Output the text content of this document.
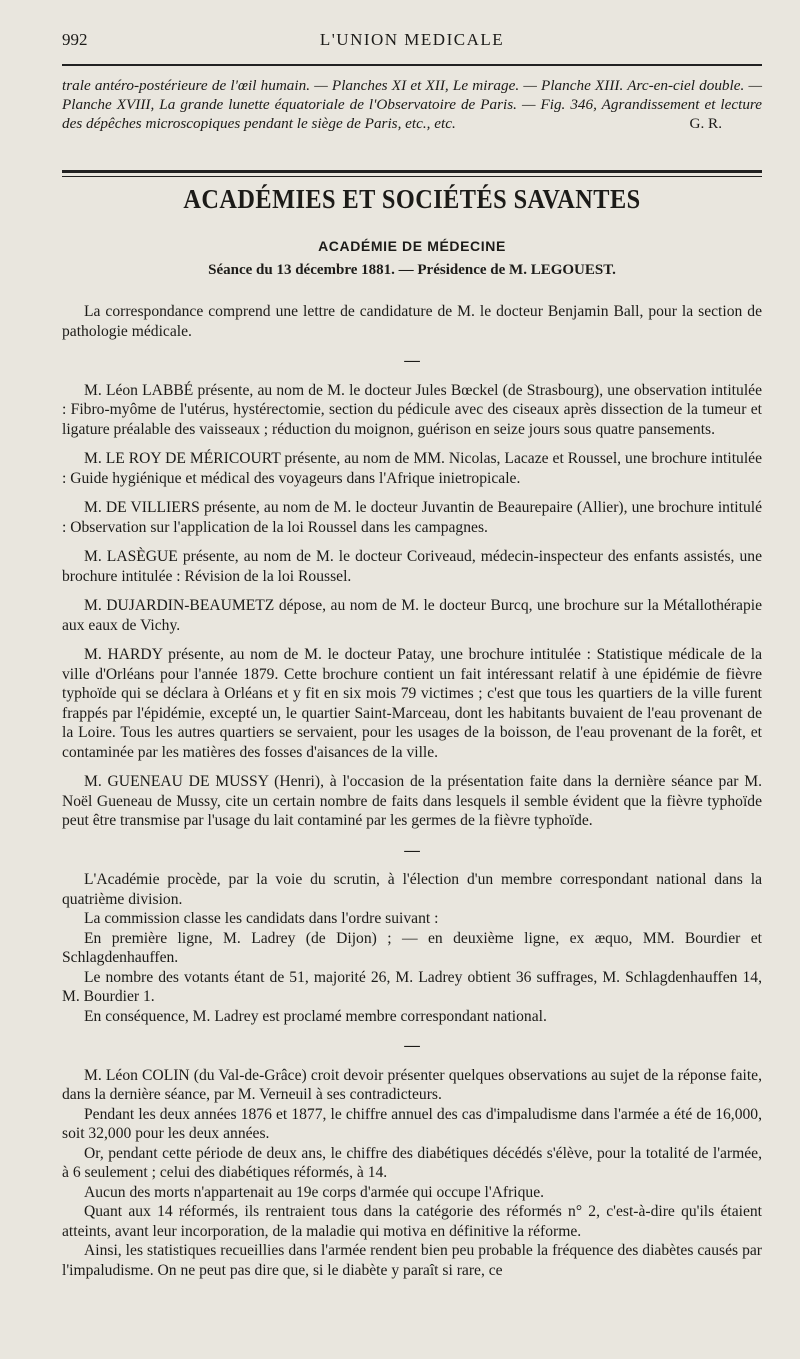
992	L'UNION MEDICALE
trale antéro-postérieure de l'œil humain. — Planches XI et XII, Le mirage. — Planche XIII. Arc-en-ciel double. — Planche XVIII, La grande lunette équatoriale de l'Observatoire de Paris. — Fig. 346, Agrandissement et lecture des dépêches microscopiques pendant le siège de Paris, etc., etc.	G. R.
ACADÉMIES ET SOCIÉTÉS SAVANTES
ACADÉMIE DE MÉDECINE
Séance du 13 décembre 1881. — Présidence de M. LEGOUEST.

La correspondance comprend une lettre de candidature de M. le docteur Benjamin Ball, pour la section de pathologie médicale.

—

M. Léon LABBÉ présente, au nom de M. le docteur Jules Bœckel (de Strasbourg), une observation intitulée : Fibro-myôme de l'utérus, hystérectomie, section du pédicule avec des ciseaux après dissection de la tumeur et ligature préalable des vaisseaux ; réduction du moignon, guérison en seize jours sous quatre pansements.

M. LE ROY DE MÉRICOURT présente, au nom de MM. Nicolas, Lacaze et Roussel, une brochure intitulée : Guide hygiénique et médical des voyageurs dans l'Afrique inietropicale.

M. DE VILLIERS présente, au nom de M. le docteur Juvantin de Beaurepaire (Allier), une brochure intitulé : Observation sur l'application de la loi Roussel dans les campagnes.

M. LASÈGUE présente, au nom de M. le docteur Coriveaud, médecin-inspecteur des enfants assistés, une brochure intitulée : Révision de la loi Roussel.

M. DUJARDIN-BEAUMETZ dépose, au nom de M. le docteur Burcq, une brochure sur la Métallothérapie aux eaux de Vichy.

M. HARDY présente, au nom de M. le docteur Patay, une brochure intitulée : Statistique médicale de la ville d'Orléans pour l'année 1879. Cette brochure contient un fait intéressant relatif à une épidémie de fièvre typhoïde qui se déclara à Orléans et y fit en six mois 79 victimes ; c'est que tous les quartiers de la ville furent frappés par l'épidémie, excepté un, le quartier Saint-Marceau, dont les habitants buvaient de l'eau provenant de la Loire. Tous les autres quartiers se servaient, pour les usages de la boisson, de l'eau provenant de la forêt, et contaminée par les matières des fosses d'aisances de la ville.

M. GUENEAU DE MUSSY (Henri), à l'occasion de la présentation faite dans la dernière séance par M. Noël Gueneau de Mussy, cite un certain nombre de faits dans lesquels il semble évident que la fièvre typhoïde peut être transmise par l'usage du lait contaminé par les germes de la fièvre typhoïde.

—

L'Académie procède, par la voie du scrutin, à l'élection d'un membre correspondant national dans la quatrième division.

La commission classe les candidats dans l'ordre suivant :

En première ligne, M. Ladrey (de Dijon) ; — en deuxième ligne, ex æquo, MM. Bourdier et Schlagdenhauffen.

Le nombre des votants étant de 51, majorité 26, M. Ladrey obtient 36 suffrages, M. Schlagdenhauffen 14, M. Bourdier 1.

En conséquence, M. Ladrey est proclamé membre correspondant national.

—

M. Léon COLIN (du Val-de-Grâce) croit devoir présenter quelques observations au sujet de la réponse faite, dans la dernière séance, par M. Verneuil à ses contradicteurs.

Pendant les deux années 1876 et 1877, le chiffre annuel des cas d'impaludisme dans l'armée a été de 16,000, soit 32,000 pour les deux années.

Or, pendant cette période de deux ans, le chiffre des diabétiques décédés s'élève, pour la totalité de l'armée, à 6 seulement ; celui des diabétiques réformés, à 14.

Aucun des morts n'appartenait au 19e corps d'armée qui occupe l'Afrique.

Quant aux 14 réformés, ils rentraient tous dans la catégorie des réformés n° 2, c'est-à-dire qu'ils étaient atteints, avant leur incorporation, de la maladie qui motiva en définitive la réforme.

Ainsi, les statistiques recueillies dans l'armée rendent bien peu probable la fréquence des diabètes causés par l'impaludisme. On ne peut pas dire que, si le diabète y paraît si rare, ce
